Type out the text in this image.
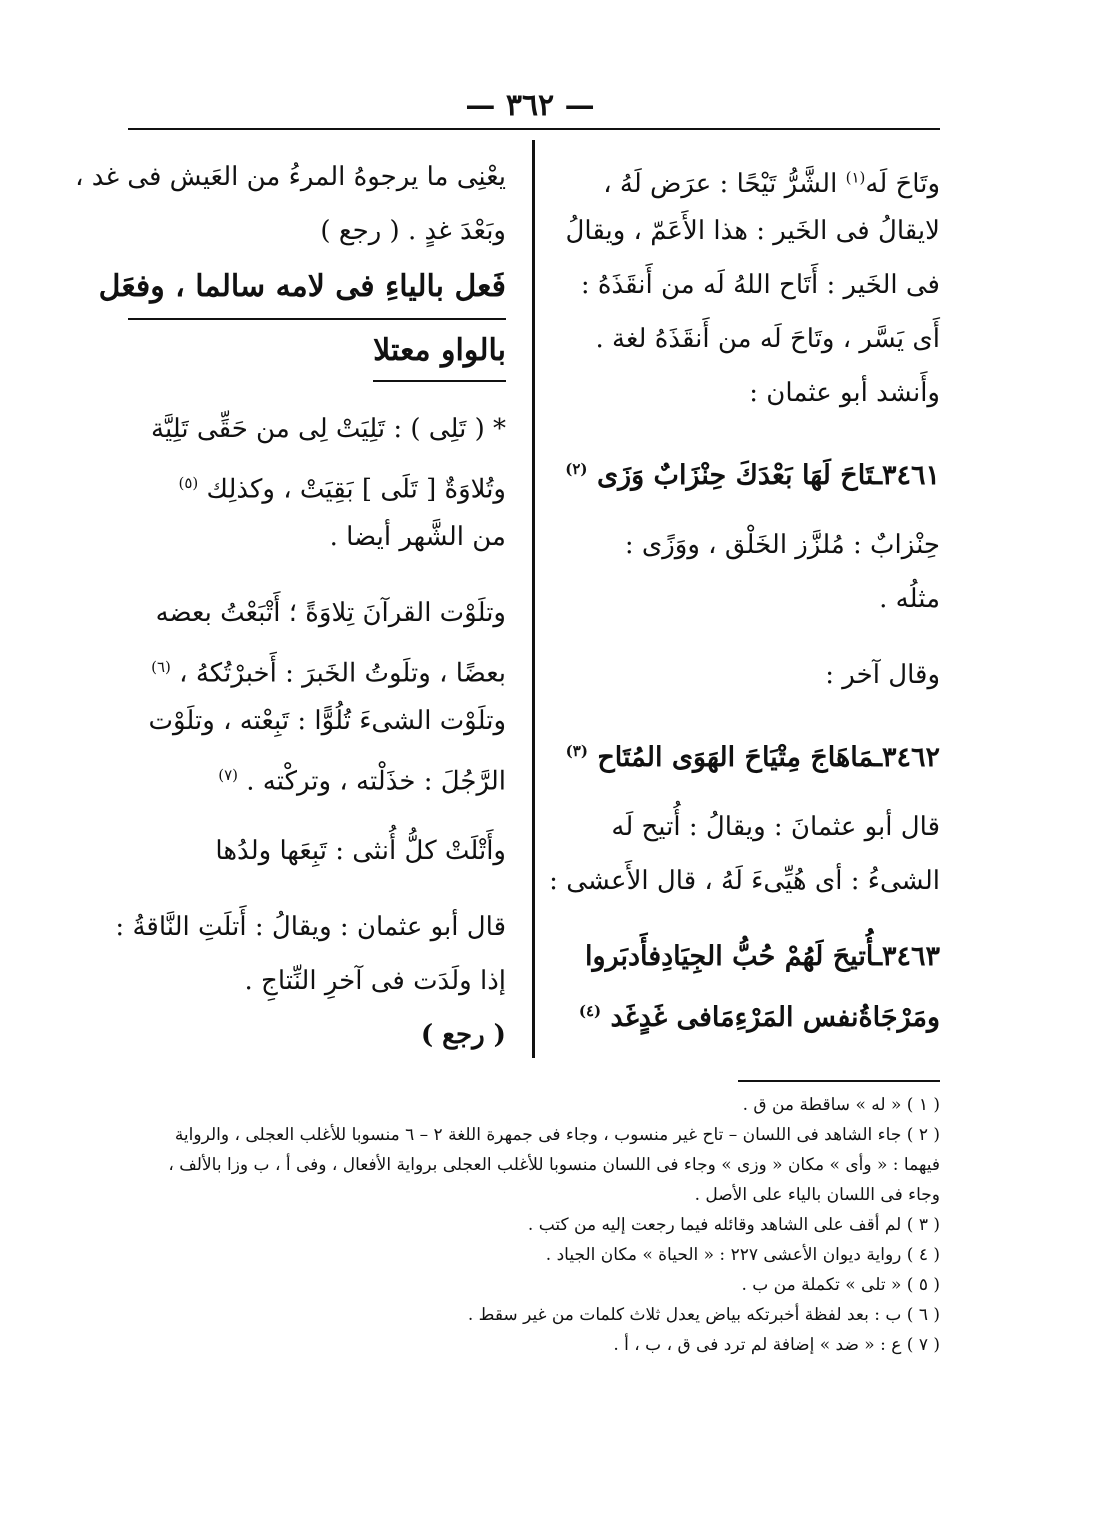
— ٣٦٢ —
وتَاحَ لَه$^{(١)}$ الشَّرُّ تَيْحًا : عرَض لَهُ ،
لايقالُ فى الخَير : هذا الأَعَمّ ، ويقالُ
فى الخَير : أَتَاح اللهُ لَه من أَنقَذَهُ :
أَى يَسَّر ، وتَاحَ لَه من أَنقَذَهُ لغة .
وأَنشد أبو عثمان :
٣٤٦١ـتَاحَ لَهَا بَعْدَكَ حِنْزَابٌ وَزَى $^{(٢)}$
حِنْزابٌ : مُلزَّز الخَلْق ، ووَزًى :
مثلُه .
وقال آخر :
٣٤٦٢ـمَاهَاجَ مِتْيَاحَ الهَوَى المُتَاح $^{(٣)}$
قال أبو عثمانَ : ويقالُ : أُتيح لَه
الشىءُ : أى هُيِّىءَ لَهُ ، قال الأَعشى :
٣٤٦٣ـأُتيحَ لَهُمْ حُبُّ الجِيَادِفأَدبَروا
ومَرْجَاةُنفس المَرْءِمَافى غَدٍغَد $^{(٤)}$
يعْنِى ما يرجوهُ المرءُ من العَيش فى غد ،
وبَعْدَ غدٍ . ( رجع )
فَعل بالياءِ فى لامه سالما ، وفعَل
بالواو معتلا
* ( تَلِى ) : تَلِيَتْ لِى من حَقِّى تَلِيَّة
وتُلاوَةٌ [ تَلَى ] بَقِيَتْ ، وكذلِك $^{(٥)}$
من الشَّهر أيضا .
وتلَوْت القرآنَ تِلاوَةً ؛ أَتْبَعْتُ بعضه
بعضًا ، وتلَوتُ الخَبرَ : أَخبرْتُكهُ ، $^{(٦)}$
وتلَوْت الشىءَ تُلُوًّا : تَبِعْته ، وتلَوْت
الرَّجُلَ : خذَلْته ، وتركْته . $^{(٧)}$
وأَتْلَتْ كلُّ أُنثى : تَبِعَها ولدُها
قال أبو عثمان : ويقالُ : أَتلَتِ النَّاقةُ :
إذا ولَدَت فى آخرِ النِّتاجِ .
( رجع )
( ١ ) « له » ساقطة من ق .
( ٢ ) جاء الشاهد فى اللسان – تاح غير منسوب ، وجاء فى جمهرة اللغة ٢ – ٦ منسوبا للأغلب العجلى ، والرواية
فيهما : « وأى » مكان « وزى » وجاء فى اللسان منسوبا للأغلب العجلى برواية الأفعال ، وفى أ ، ب وزا بالألف ،
وجاء فى اللسان بالياء على الأصل .
( ٣ ) لم أقف على الشاهد وقائله فيما رجعت إليه من كتب .
( ٤ ) رواية ديوان الأعشى ٢٢٧ : « الحياة » مكان الجياد .
( ٥ ) « تلى » تكملة من ب .
( ٦ ) ب : بعد لفظة أخبرتكه بياض يعدل ثلاث كلمات من غير سقط .
( ٧ ) ع : « ضد » إضافة لم ترد فى ق ، ب ، أ .
